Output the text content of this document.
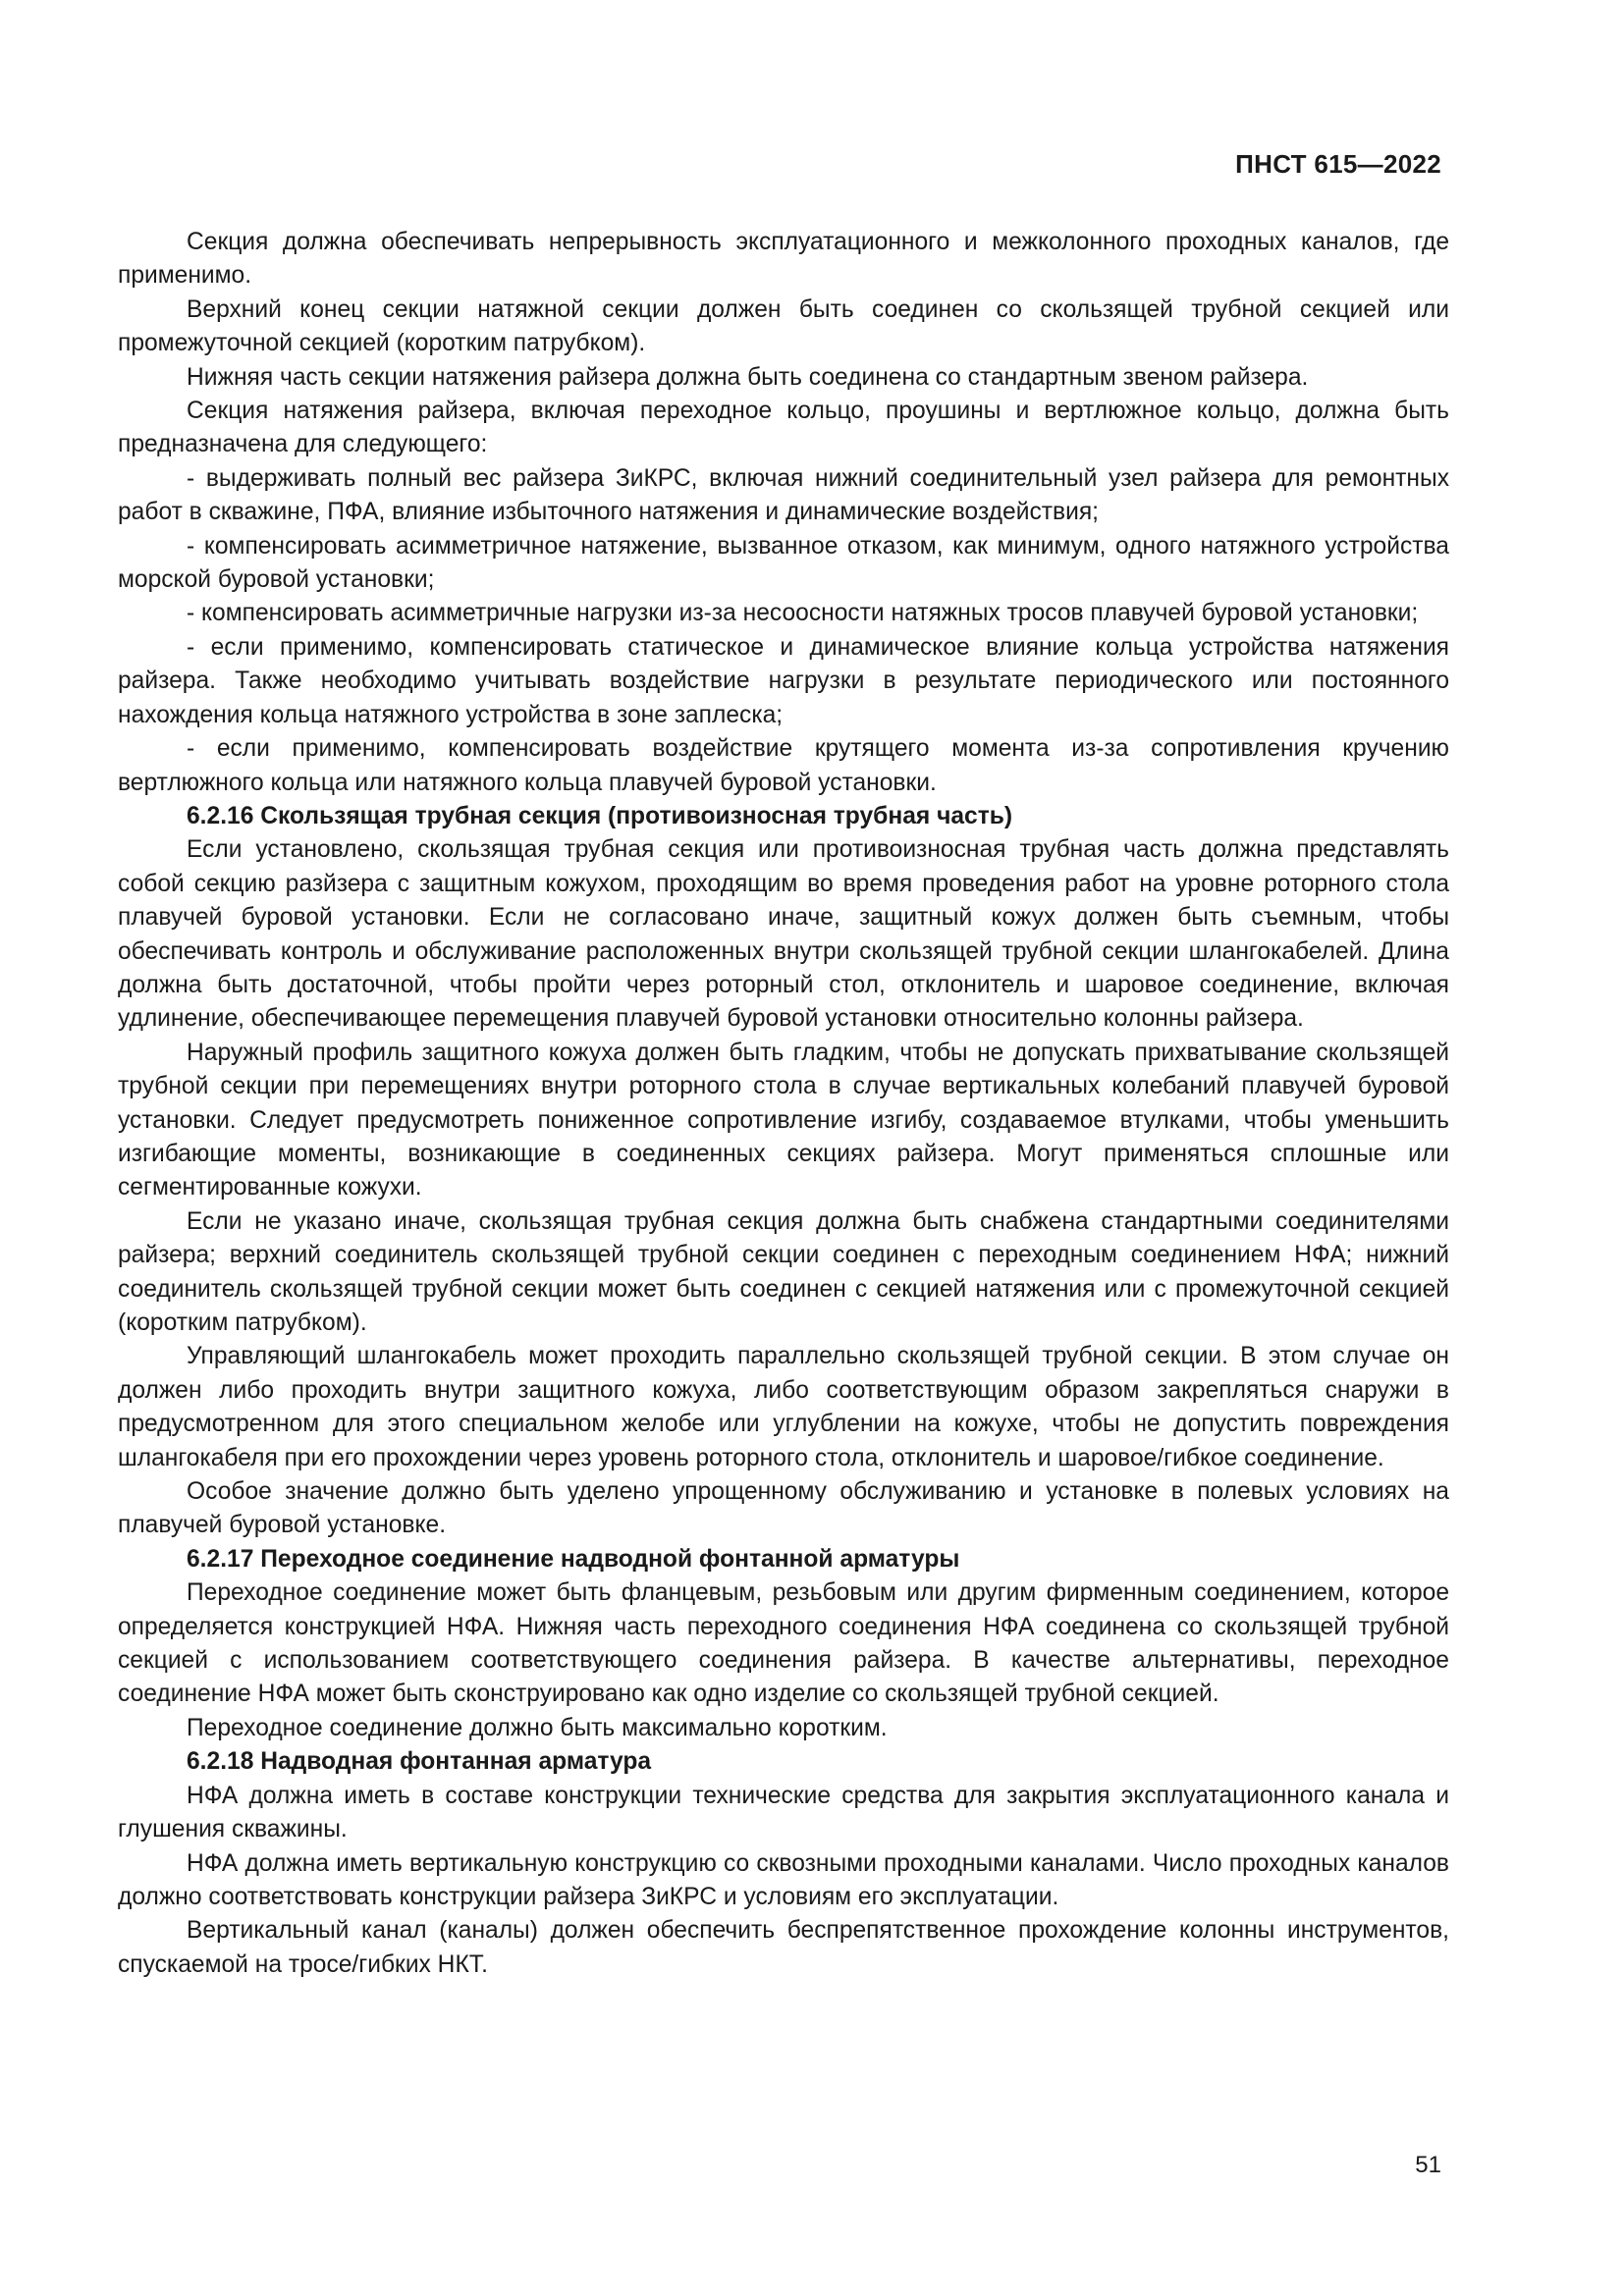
ПНСТ 615—2022

Секция должна обеспечивать непрерывность эксплуатационного и межколонного проходных каналов, где применимо.

Верхний конец секции натяжной секции должен быть соединен со скользящей трубной секцией или промежуточной секцией (коротким патрубком).

Нижняя часть секции натяжения райзера должна быть соединена со стандартным звеном райзера.

Секция натяжения райзера, включая переходное кольцо, проушины и вертлюжное кольцо, должна быть предназначена для следующего:

- выдерживать полный вес райзера ЗиКРС, включая нижний соединительный узел райзера для ремонтных работ в скважине, ПФА, влияние избыточного натяжения и динамические воздействия;

- компенсировать асимметричное натяжение, вызванное отказом, как минимум, одного натяжного устройства морской буровой установки;

- компенсировать асимметричные нагрузки из-за несоосности натяжных тросов плавучей буровой установки;

- если применимо, компенсировать статическое и динамическое влияние кольца устройства натяжения райзера. Также необходимо учитывать воздействие нагрузки в результате периодического или постоянного нахождения кольца натяжного устройства в зоне заплеска;

- если применимо, компенсировать воздействие крутящего момента из-за сопротивления кручению вертлюжного кольца или натяжного кольца плавучей буровой установки.

6.2.16 Скользящая трубная секция (противоизносная трубная часть)

Если установлено, скользящая трубная секция или противоизносная трубная часть должна представлять собой секцию разйзера с защитным кожухом, проходящим во время проведения работ на уровне роторного стола плавучей буровой установки. Если не согласовано иначе, защитный кожух должен быть съемным, чтобы обеспечивать контроль и обслуживание расположенных внутри скользящей трубной секции шлангокабелей. Длина должна быть достаточной, чтобы пройти через роторный стол, отклонитель и шаровое соединение, включая удлинение, обеспечивающее перемещения плавучей буровой установки относительно колонны райзера.

Наружный профиль защитного кожуха должен быть гладким, чтобы не допускать прихватывание скользящей трубной секции при перемещениях внутри роторного стола в случае вертикальных колебаний плавучей буровой установки. Следует предусмотреть пониженное сопротивление изгибу, создаваемое втулками, чтобы уменьшить изгибающие моменты, возникающие в соединенных секциях райзера. Могут применяться сплошные или сегментированные кожухи.

Если не указано иначе, скользящая трубная секция должна быть снабжена стандартными соединителями райзера; верхний соединитель скользящей трубной секции соединен с переходным соединением НФА; нижний соединитель скользящей трубной секции может быть соединен с секцией натяжения или с промежуточной секцией (коротким патрубком).

Управляющий шлангокабель может проходить параллельно скользящей трубной секции. В этом случае он должен либо проходить внутри защитного кожуха, либо соответствующим образом закрепляться снаружи в предусмотренном для этого специальном желобе или углублении на кожухе, чтобы не допустить повреждения шлангокабеля при его прохождении через уровень роторного стола, отклонитель и шаровое/гибкое соединение.

Особое значение должно быть уделено упрощенному обслуживанию и установке в полевых условиях на плавучей буровой установке.

6.2.17 Переходное соединение надводной фонтанной арматуры

Переходное соединение может быть фланцевым, резьбовым или другим фирменным соединением, которое определяется конструкцией НФА. Нижняя часть переходного соединения НФА соединена со скользящей трубной секцией с использованием соответствующего соединения райзера. В качестве альтернативы, переходное соединение НФА может быть сконструировано как одно изделие со скользящей трубной секцией.

Переходное соединение должно быть максимально коротким.

6.2.18 Надводная фонтанная арматура

НФА должна иметь в составе конструкции технические средства для закрытия эксплуатационного канала и глушения скважины.

НФА должна иметь вертикальную конструкцию со сквозными проходными каналами. Число проходных каналов должно соответствовать конструкции райзера ЗиКРС и условиям его эксплуатации.

Вертикальный канал (каналы) должен обеспечить беспрепятственное прохождение колонны инструментов, спускаемой на тросе/гибких НКТ.

51
